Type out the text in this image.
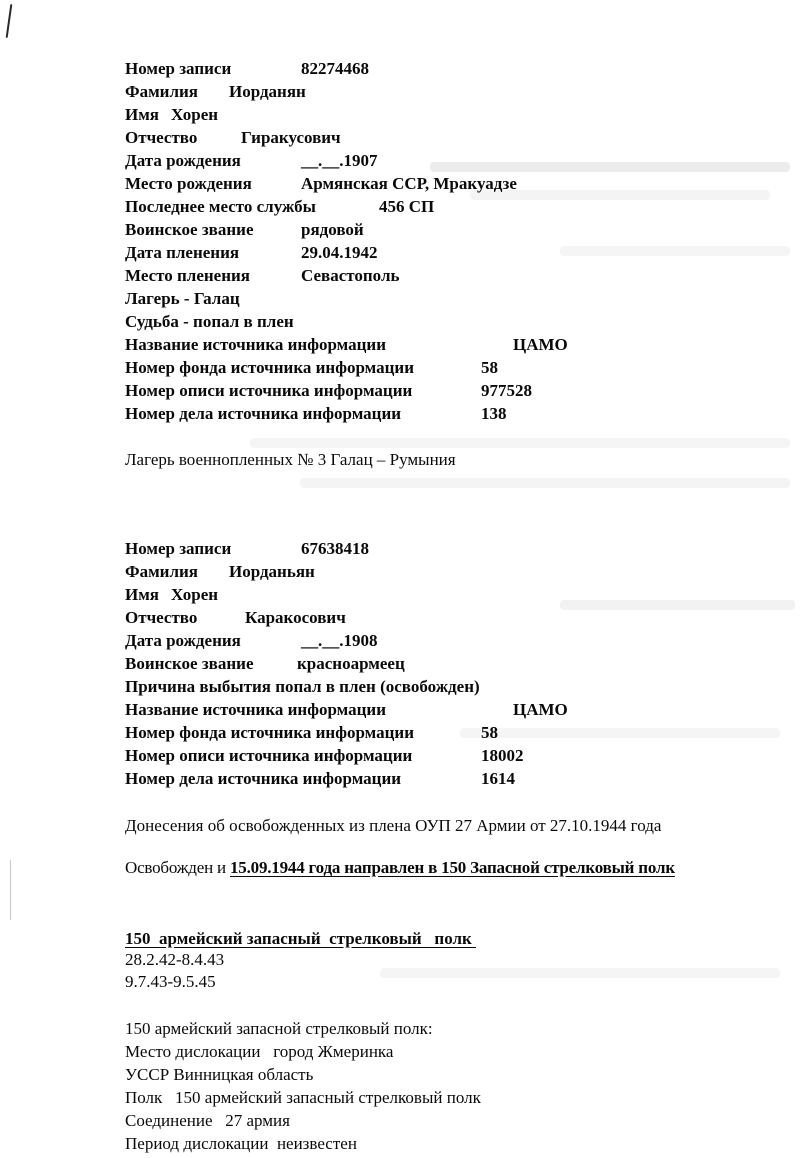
Номер записи	82274468
Фамилия Иорданян
Имя Хорен
Отчество	Гиракусович
Дата рождения	__.__.1907
Место рождения	Армянская ССР, Мракуадзе
Последнее место службы	456 СП
Воинское звание	рядовой
Дата пленения	29.04.1942
Место пленения	Севастополь
Лагерь - Галац
Судьба - попал в плен
Название источника информации	ЦАМО
Номер фонда источника информации	58
Номер описи источника информации	977528
Номер дела источника информации	138
Лагерь военнопленных № 3 Галац – Румыния
Номер записи	67638418
Фамилия Иорданьян
Имя Хорен
Отчество	Каракосович
Дата рождения	__.__.1908
Воинское звание	красноармеец
Причина выбытия попал в плен (освобожден)
Название источника информации	ЦАМО
Номер фонда источника информации	58
Номер описи источника информации	18002
Номер дела источника информации	1614
Донесения об освобожденных из плена ОУП 27 Армии от 27.10.1944 года
Освобожден и 15.09.1944 года направлен в 150 Запасной стрелковый полк
150  армейский запасный  стрелковый   полк
28.2.42-8.4.43
9.7.43-9.5.45
150 армейский запасной стрелковый полк:
Место дислокации   город Жмеринка
УССР Винницкая область
Полк   150 армейский запасный стрелковый полк
Соединение   27 армия
Период дислокации  неизвестен
